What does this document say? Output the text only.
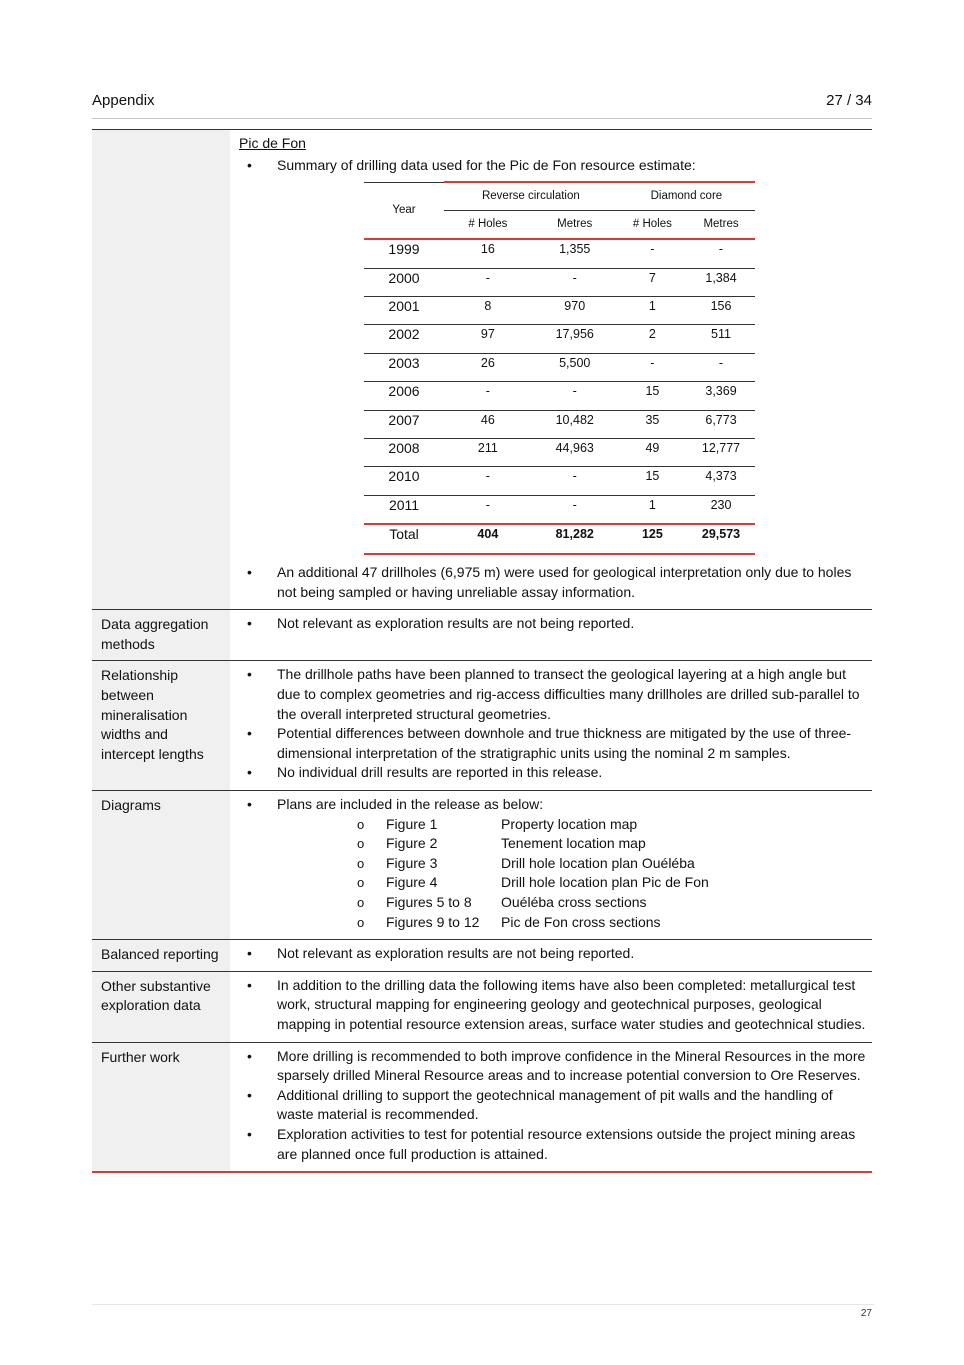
Appendix	27 / 34

Pic de Fon
• Summary of drilling data used for the Pic de Fon resource estimate:
Year	Reverse circulation	Diamond core
# Holes	Metres	# Holes	Metres
1999	16	1,355	-	-
2000	-	-	7	1,384
2001	8	970	1	156
2002	97	17,956	2	511
2003	26	5,500	-	-
2006	-	-	15	3,369
2007	46	10,482	35	6,773
2008	211	44,963	49	12,777
2010	-	-	15	4,373
2011	-	-	1	230
Total	404	81,282	125	29,573
• An additional 47 drillholes (6,975 m) were used for geological interpretation only due to holes not being sampled or having unreliable assay information.

Data aggregation methods	
• Not relevant as exploration results are not being reported.

Relationship between mineralisation widths and intercept lengths	
• The drillhole paths have been planned to transect the geological layering at a high angle but due to complex geometries and rig-access difficulties many drillholes are drilled sub-parallel to the overall interpreted structural geometries.
• Potential differences between downhole and true thickness are mitigated by the use of three-dimensional interpretation of the stratigraphic units using the nominal 2 m samples.
• No individual drill results are reported in this release.

Diagrams	
•Plans are included in the release as below:
o Figure 1	Property location map
o Figure 2	Tenement location map
o Figure 3	Drill hole location plan Ouéléba
o Figure 4	Drill hole location plan Pic de Fon
o Figures 5 to 8 Ouéléba cross sections
o Figures 9 to 12 Pic de Fon cross sections

Balanced reporting	
•Not relevant as exploration results are not being reported.

Other substantive exploration data	
• In addition to the drilling data the following items have also been completed: metallurgical test work, structural mapping for engineering geology and geotechnical purposes, geological mapping in potential resource extension areas, surface water studies and geotechnical studies.

Further work	
•More drilling is recommended to both improve confidence in the Mineral Resources in the more sparsely drilled Mineral Resource areas and to increase potential conversion to Ore Reserves.
• Additional drilling to support the geotechnical management of pit walls and the handling of waste material is recommended.
• Exploration activities to test for potential resource extensions outside the project mining areas are planned once full production is attained.
27
